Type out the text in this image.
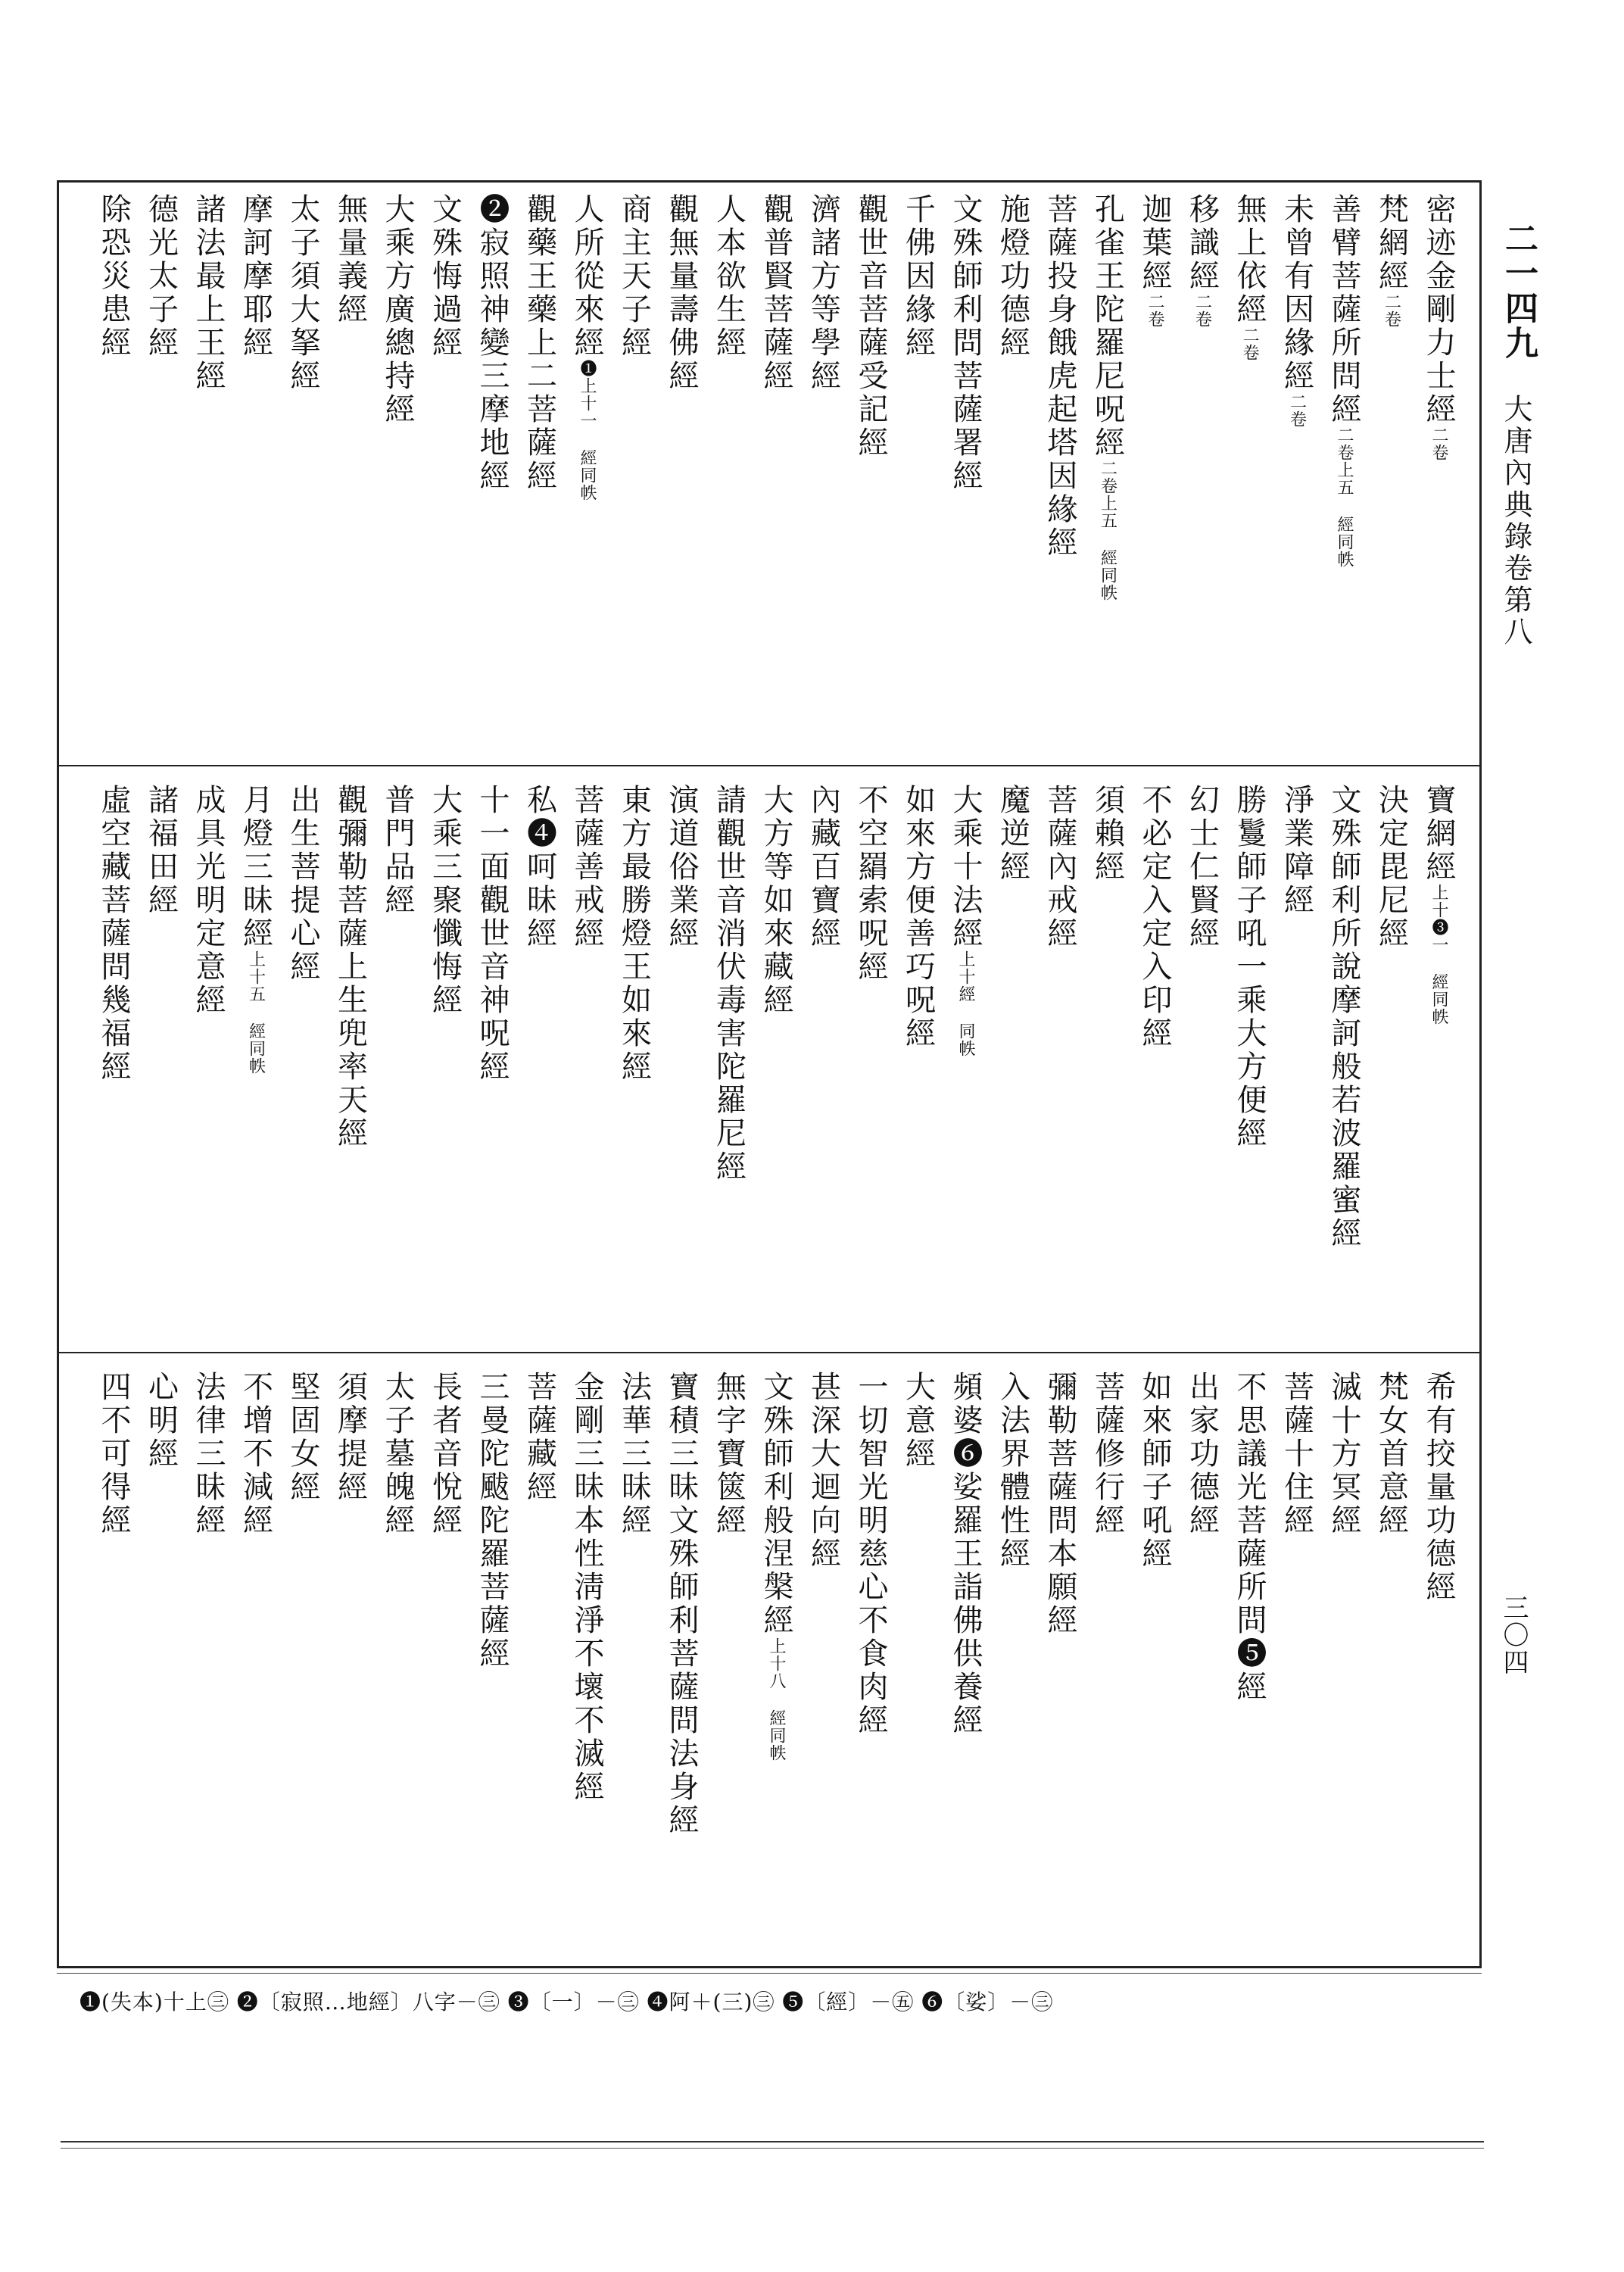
二一四九
大唐內典錄卷第八
三〇四
密迹金剛力士經二卷
梵網經二卷
善臂菩薩所問經二卷上五 經同帙
未曾有因緣經二卷
無上依經二卷
移識經二卷
迦葉經二卷
孔雀王陀羅尼呪經二卷上五 經同帙
菩薩投身餓虎起塔因緣經
施燈功德經
文殊師利問菩薩署經
千佛因緣經
觀世音菩薩受記經
濟諸方等學經
觀普賢菩薩經
人本欲生經
觀無量壽佛經
商主天子經
人所從來經❶上十一 經同帙
觀藥王藥上二菩薩經
❷寂照神變三摩地經
文殊悔過經
大乘方廣總持經
無量義經
太子須大拏經
摩訶摩耶經
諸法最上王經
德光太子經
除恐災患經
寶網經上十❸一 經同帙
決定毘尼經
文殊師利所說摩訶般若波羅蜜經
淨業障經
勝鬘師子吼一乘大方便經
幻士仁賢經
不必定入定入印經
須賴經
菩薩內戒經
魔逆經
大乘十法經上十經 同帙
如來方便善巧呪經
不空羂索呪經
內藏百寶經
大方等如來藏經
請觀世音消伏毒害陀羅尼經
演道俗業經
東方最勝燈王如來經
菩薩善戒經
私❹呵昧經
十一面觀世音神呪經
大乘三聚懺悔經
普門品經
觀彌勒菩薩上生兜率天經
出生菩提心經
月燈三昧經上十五 經同帙
成具光明定意經
諸福田經
虛空藏菩薩問幾福經
希有挍量功德經
梵女首意經
滅十方冥經
菩薩十住經
不思議光菩薩所問❺經
出家功德經
如來師子吼經
菩薩修行經
彌勒菩薩問本願經
入法界體性經
頻婆❻娑羅王詣佛供養經
大意經
一切智光明慈心不食肉經
甚深大迴向經
文殊師利般涅槃經上十八 經同帙
無字寶篋經
寶積三昧文殊師利菩薩問法身經
法華三昧經
金剛三昧本性淸淨不壞不滅經
菩薩藏經
三曼陀颰陀羅菩薩經
長者音悅經
太子墓魄經
須摩提經
堅固女經
不增不減經
法律三昧經
心明經
四不可得經
❶(失本)十上㊂ ❷〔寂照…地經〕八字－㊂ ❸〔一〕－㊂ ❹阿＋(三)㊂ ❺〔經〕－㊄ ❻〔娑〕－㊂
